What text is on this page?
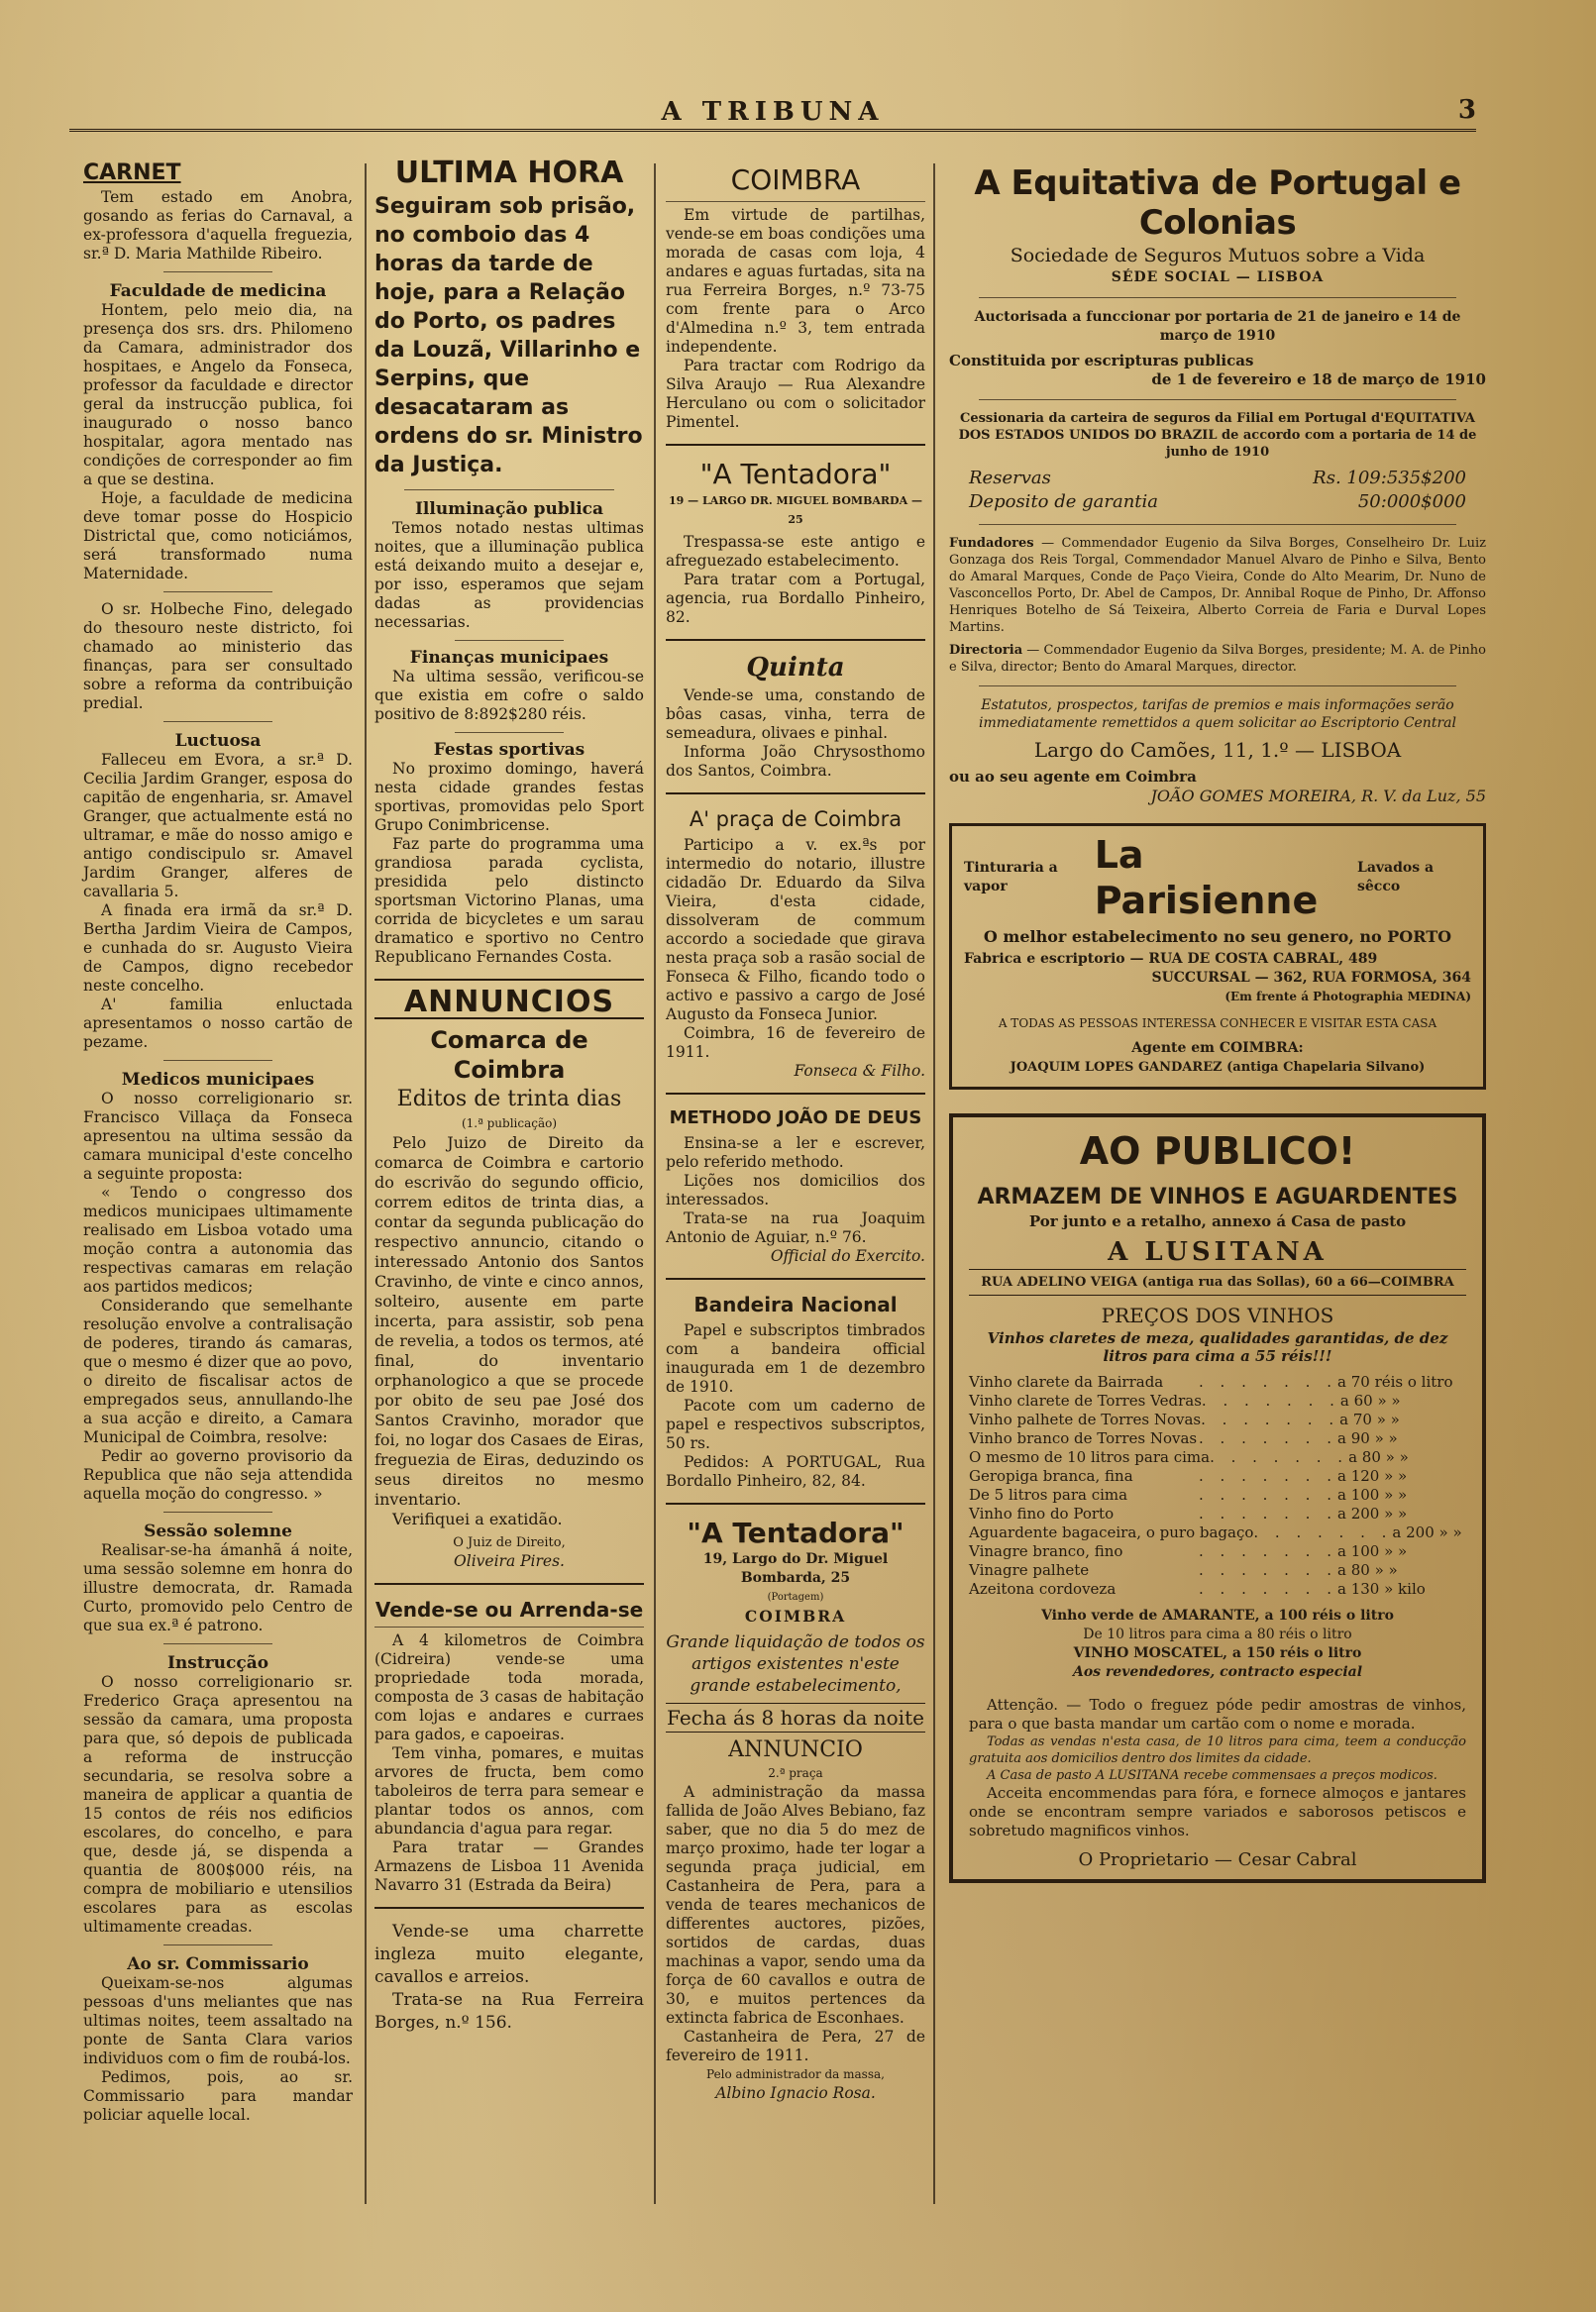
A TRIBUNA	3
CARNET

Tem estado em Anobra, gosando as ferias do Carnaval, a ex-professora d'aquella freguezia, sr.ª D. Maria Mathilde Ribeiro.

Faculdade de medicina

Hontem, pelo meio dia, na presença dos srs. drs. Philomeno da Camara, administrador dos hospitaes, e Angelo da Fonseca, professor da faculdade e director geral da instrucção publica, foi inaugurado o nosso banco hospitalar, agora mentado nas condições de corresponder ao fim a que se destina.

Hoje, a faculdade de medicina deve tomar posse do Hospicio Districtal que, como noticiámos, será transformado numa Maternidade.

O sr. Holbeche Fino, delegado do thesouro neste districto, foi chamado ao ministerio das finanças, para ser consultado sobre a reforma da contribuição predial.

Luctuosa

Falleceu em Evora, a sr.ª D. Cecilia Jardim Granger, esposa do capitão de engenharia, sr. Amavel Granger, que actualmente está no ultramar, e mãe do nosso amigo e antigo condiscipulo sr. Amavel Jardim Granger, alferes de cavallaria 5.

A finada era irmã da sr.ª D. Bertha Jardim Vieira de Campos, e cunhada do sr. Augusto Vieira de Campos, digno recebedor neste concelho.

A' familia enluctada apresentamos o nosso cartão de pezame.

Medicos municipaes

O nosso correligionario sr. Francisco Villaça da Fonseca apresentou na ultima sessão da camara municipal d'este concelho a seguinte proposta:

« Tendo o congresso dos medicos municipaes ultimamente realisado em Lisboa votado uma moção contra a autonomia das respectivas camaras em relação aos partidos medicos;

Considerando que semelhante resolução envolve a contralisação de poderes, tirando ás camaras, que o mesmo é dizer que ao povo, o direito de fiscalisar actos de empregados seus, annullando-lhe a sua acção e direito, a Camara Municipal de Coimbra, resolve:

Pedir ao governo provisorio da Republica que não seja attendida aquella moção do congresso. »

Sessão solemne

Realisar-se-ha ámanhã á noite, uma sessão solemne em honra do illustre democrata, dr. Ramada Curto, promovido pelo Centro de que sua ex.ª é patrono.

Instrucção

O nosso correligionario sr. Frederico Graça apresentou na sessão da camara, uma proposta para que, só depois de publicada a reforma de instrucção secundaria, se resolva sobre a maneira de applicar a quantia de 15 contos de réis nos edificios escolares, do concelho, e para que, desde já, se dispenda a quantia de 800$000 réis, na compra de mobiliario e utensilios escolares para as escolas ultimamente creadas.

Ao sr. Commissario

Queixam-se-nos algumas pessoas d'uns meliantes que nas ultimas noites, teem assaltado na ponte de Santa Clara varios individuos com o fim de roubá-los.

Pedimos, pois, ao sr. Commissario para mandar policiar aquelle local.

ULTIMA HORA

Seguiram sob prisão, no comboio das 4 horas da tarde de hoje, para a Relação do Porto, os padres da Louzã, Villarinho e Serpins, que desacataram as ordens do sr. Ministro da Justiça.

Illuminação publica

Temos notado nestas ultimas noites, que a illuminação publica está deixando muito a desejar e, por isso, esperamos que sejam dadas as providencias necessarias.

Finanças municipaes

Na ultima sessão, verificou-se que existia em cofre o saldo positivo de 8:892$280 réis.

Festas sportivas

No proximo domingo, haverá nesta cidade grandes festas sportivas, promovidas pelo Sport Grupo Conimbricense.

Faz parte do programma uma grandiosa parada cyclista, presidida pelo distincto sportsman Victorino Planas, uma corrida de bicycletes e um sarau dramatico e sportivo no Centro Republicano Fernandes Costa.

ANNUNCIOS
Comarca de Coimbra
Editos de trinta dias
(1.ª publicação)

Pelo Juizo de Direito da comarca de Coimbra e cartorio do escrivão do segundo officio, correm editos de trinta dias, a contar da segunda publicação do respectivo annuncio, citando o interessado Antonio dos Santos Cravinho, de vinte e cinco annos, solteiro, ausente em parte incerta, para assistir, sob pena de revelia, a todos os termos, até final, do inventario orphanologico a que se procede por obito de seu pae José dos Santos Cravinho, morador que foi, no logar dos Casaes de Eiras, freguezia de Eiras, deduzindo os seus direitos no mesmo inventario.

Verifiquei a exatidão.

O Juiz de Direito,
Oliveira Pires.
Vende-se ou Arrenda-se

A 4 kilometros de Coimbra (Cidreira) vende-se uma propriedade toda morada, composta de 3 casas de habitação com lojas e andares e curraes para gados, e capoeiras.

Tem vinha, pomares, e muitas arvores de fructa, bem como taboleiros de terra para semear e plantar todos os annos, com abundancia d'agua para regar.

Para tratar — Grandes Armazens de Lisboa 11 Avenida Navarro 31 (Estrada da Beira)

Vende-se uma charrette ingleza muito elegante, cavallos e arreios.

Trata-se na Rua Ferreira Borges, n.º 156.

COIMBRA

Em virtude de partilhas, vende-se em boas condições uma morada de casas com loja, 4 andares e aguas furtadas, sita na rua Ferreira Borges, n.º 73-75 com frente para o Arco d'Almedina n.º 3, tem entrada independente.

Para tractar com Rodrigo da Silva Araujo — Rua Alexandre Herculano ou com o solicitador Pimentel.

"A Tentadora"
19 — LARGO DR. MIGUEL BOMBARDA — 25

Trespassa-se este antigo e afreguezado estabelecimento.

Para tratar com a Portugal, agencia, rua Bordallo Pinheiro, 82.

Quinta

Vende-se uma, constando de bôas casas, vinha, terra de semeadura, olivaes e pinhal.

Informa João Chrysosthomo dos Santos, Coimbra.

A' praça de Coimbra

Participo a v. ex.ªs por intermedio do notario, illustre cidadão Dr. Eduardo da Silva Vieira, d'esta cidade, dissolveram de commum accordo a sociedade que girava nesta praça sob a rasão social de Fonseca & Filho, ficando todo o activo e passivo a cargo de José Augusto da Fonseca Junior.

Coimbra, 16 de fevereiro de 1911.

Fonseca & Filho.
METHODO JOÃO DE DEUS

Ensina-se a ler e escrever, pelo referido methodo.

Lições nos domicilios dos interessados.

Trata-se na rua Joaquim Antonio de Aguiar, n.º 76.

Official do Exercito.
Bandeira Nacional

Papel e subscriptos timbrados com a bandeira official inaugurada em 1 de dezembro de 1910.

Pacote com um caderno de papel e respectivos subscriptos, 50 rs.

Pedidos: A PORTUGAL, Rua Bordallo Pinheiro, 82, 84.

"A Tentadora"
19, Largo do Dr. Miguel Bombarda, 25
(Portagem)
COIMBRA

Grande liquidação de todos os artigos existentes n'este grande estabelecimento,

Fecha ás 8 horas da noite
ANNUNCIO
2.ª praça

A administração da massa fallida de João Alves Bebiano, faz saber, que no dia 5 do mez de março proximo, hade ter logar a segunda praça judicial, em Castanheira de Pera, para a venda de teares mechanicos de differentes auctores, pizões, sortidos de cardas, duas machinas a vapor, sendo uma da força de 60 cavallos e outra de 30, e muitos pertences da extincta fabrica de Esconhaes.

Castanheira de Pera, 27 de fevereiro de 1911.

Pelo administrador da massa,
Albino Ignacio Rosa.
A Equitativa de Portugal e Colonias
Sociedade de Seguros Mutuos sobre a Vida
SÉDE SOCIAL — LISBOA
Auctorisada a funccionar por portaria de 21 de janeiro e 14 de março de 1910
Constituida por escripturas publicas
de 1 de fevereiro e 18 de março de 1910
Cessionaria da carteira de seguros da Filial em Portugal d'EQUITATIVA DOS ESTADOS UNIDOS DO BRAZIL de accordo com a portaria de 14 de junho de 1910
Reservas	Rs. 109:535$200
Deposito de garantia	50:000$000

Fundadores — Commendador Eugenio da Silva Borges, Conselheiro Dr. Luiz Gonzaga dos Reis Torgal, Commendador Manuel Alvaro de Pinho e Silva, Bento do Amaral Marques, Conde de Paço Vieira, Conde do Alto Mearim, Dr. Nuno de Vasconcellos Porto, Dr. Abel de Campos, Dr. Annibal Roque de Pinho, Dr. Affonso Henriques Botelho de Sá Teixeira, Alberto Correia de Faria e Durval Lopes Martins.

Directoria — Commendador Eugenio da Silva Borges, presidente; M. A. de Pinho e Silva, director; Bento do Amaral Marques, director.

Estatutos, prospectos, tarifas de premios e mais informações serão immediatamente remettidos a quem solicitar ao Escriptorio Central
Largo do Camões, 11, 1.º — LISBOA
ou ao seu agente em Coimbra
JOÃO GOMES MOREIRA, R. V. da Luz, 55
Tinturaria a vapor
La Parisienne
Lavados a sêcco
O melhor estabelecimento no seu genero, no PORTO
Fabrica e escriptorio — RUA DE COSTA CABRAL, 489
SUCCURSAL — 362, RUA FORMOSA, 364
(Em frente á Photographia MEDINA)
A TODAS AS PESSOAS INTERESSA CONHECER E VISITAR ESTA CASA
Agente em COIMBRA:
JOAQUIM LOPES GANDAREZ (antiga Chapelaria Silvano)
AO PUBLICO!
ARMAZEM DE VINHOS E AGUARDENTES
Por junto e a retalho, annexo á Casa de pasto
A LUSITANA
RUA ADELINO VEIGA (antiga rua das Sollas), 60 a 66—COIMBRA
PREÇOS DOS VINHOS
Vinhos claretes de meza, qualidades garantidas, de dez litros para cima a 55 réis!!!
Vinho clarete da Bairrada	. . . . . . . a 70 réis o litro
Vinho clarete de Torres Vedras . . . . . . . a 60 » »
Vinho palhete de Torres Novas . . . . . . . a 70 » »
Vinho branco de Torres Novas . . . . . . . a 90 » »
O mesmo de 10 litros para cima . . . . . . . a 80 » »
Geropiga branca, fina	. . . . . . . a 120 » »
De 5 litros para cima	. . . . . . . a 100 » »
Vinho fino do Porto	. . . . . . . a 200 » »
Aguardente bagaceira, o puro bagaço . . . . . . . a 200 » »
Vinagre branco, fino	. . . . . . . a 100 » »
Vinagre palhete	. . . . . . . a 80 » »
Azeitona cordoveza	. . . . . . . a 130 » kilo
Vinho verde de AMARANTE, a 100 réis o litro
De 10 litros para cima a 80 réis o litro
VINHO MOSCATEL, a 150 réis o litro
Aos revendedores, contracto especial

Attenção. — Todo o freguez póde pedir amostras de vinhos, para o que basta mandar um cartão com o nome e morada.

Todas as vendas n'esta casa, de 10 litros para cima, teem a conducção gratuita aos domicilios dentro dos limites da cidade.

A Casa de pasto A LUSITANA recebe commensaes a preços modicos.

Acceita encommendas para fóra, e fornece almoços e jantares onde se encontram sempre variados e saborosos petiscos e sobretudo magnificos vinhos.

O Proprietario — Cesar Cabral
